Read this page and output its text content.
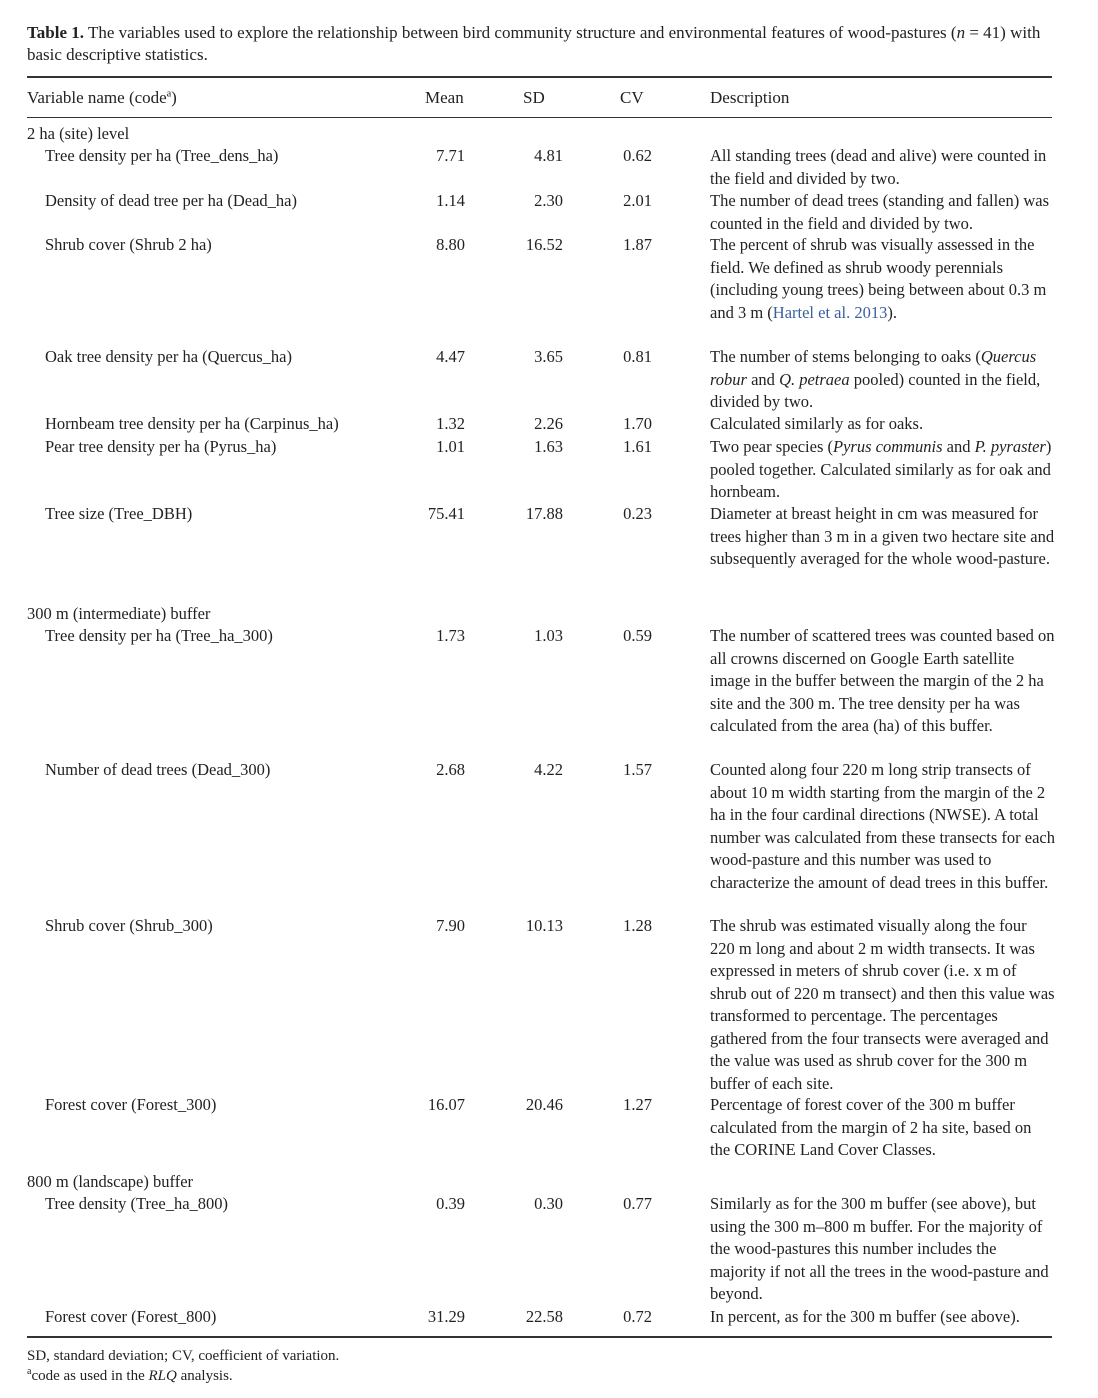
Table 1. The variables used to explore the relationship between bird community structure and environmental features of wood-pastures (n = 41) with basic descriptive statistics.
Variable name (code$^a$)	Mean	SD	CV	Description
2 ha (site) level
Tree density per ha (Tree_dens_ha)	7.71	4.81	0.62	All standing trees (dead and alive) were counted in the field and divided by two.
Density of dead tree per ha (Dead_ha)	1.14	2.30	2.01	The number of dead trees (standing and fallen) was counted in the field and divided by two.
Shrub cover (Shrub 2 ha)	8.80	16.52	1.87	The percent of shrub was visually assessed in the field. We defined as shrub woody perennials (including young trees) being between about 0.3 m and 3 m (Hartel et al. 2013).
Oak tree density per ha (Quercus_ha)	4.47	3.65	0.81	The number of stems belonging to oaks (Quercus robur and Q. petraea pooled) counted in the field, divided by two.
Hornbeam tree density per ha (Carpinus_ha)	1.32	2.26	1.70	Calculated similarly as for oaks.
Pear tree density per ha (Pyrus_ha)	1.01	1.63	1.61	Two pear species (Pyrus communis and P. pyraster) pooled together. Calculated similarly as for oak and hornbeam.
Tree size (Tree_DBH)	75.41	17.88	0.23	Diameter at breast height in cm was measured for trees higher than 3 m in a given two hectare site and subsequently averaged for the whole wood-pasture.
300 m (intermediate) buffer
Tree density per ha (Tree_ha_300)	1.73	1.03	0.59	The number of scattered trees was counted based on all crowns discerned on Google Earth satellite image in the buffer between the margin of the 2 ha site and the 300 m. The tree density per ha was calculated from the area (ha) of this buffer.
Number of dead trees (Dead_300)	2.68	4.22	1.57	Counted along four 220 m long strip transects of about 10 m width starting from the margin of the 2 ha in the four cardinal directions (NWSE). A total number was calculated from these transects for each wood-pasture and this number was used to characterize the amount of dead trees in this buffer.
Shrub cover (Shrub_300)	7.90	10.13	1.28	The shrub was estimated visually along the four 220 m long and about 2 m width transects. It was expressed in meters of shrub cover (i.e. x m of shrub out of 220 m transect) and then this value was transformed to percentage. The percentages gathered from the four transects were averaged and the value was used as shrub cover for the 300 m buffer of each site.
Forest cover (Forest_300)	16.07	20.46	1.27	Percentage of forest cover of the 300 m buffer calculated from the margin of 2 ha site, based on the CORINE Land Cover Classes.
800 m (landscape) buffer
Tree density (Tree_ha_800)	0.39	0.30	0.77	Similarly as for the 300 m buffer (see above), but using the 300 m–800 m buffer. For the majority of the wood-pastures this number includes the majority if not all the trees in the wood-pasture and beyond.
Forest cover (Forest_800)	31.29	22.58	0.72	In percent, as for the 300 m buffer (see above).
SD, standard deviation; CV, coefficient of variation.
$^a$code as used in the RLQ analysis.
